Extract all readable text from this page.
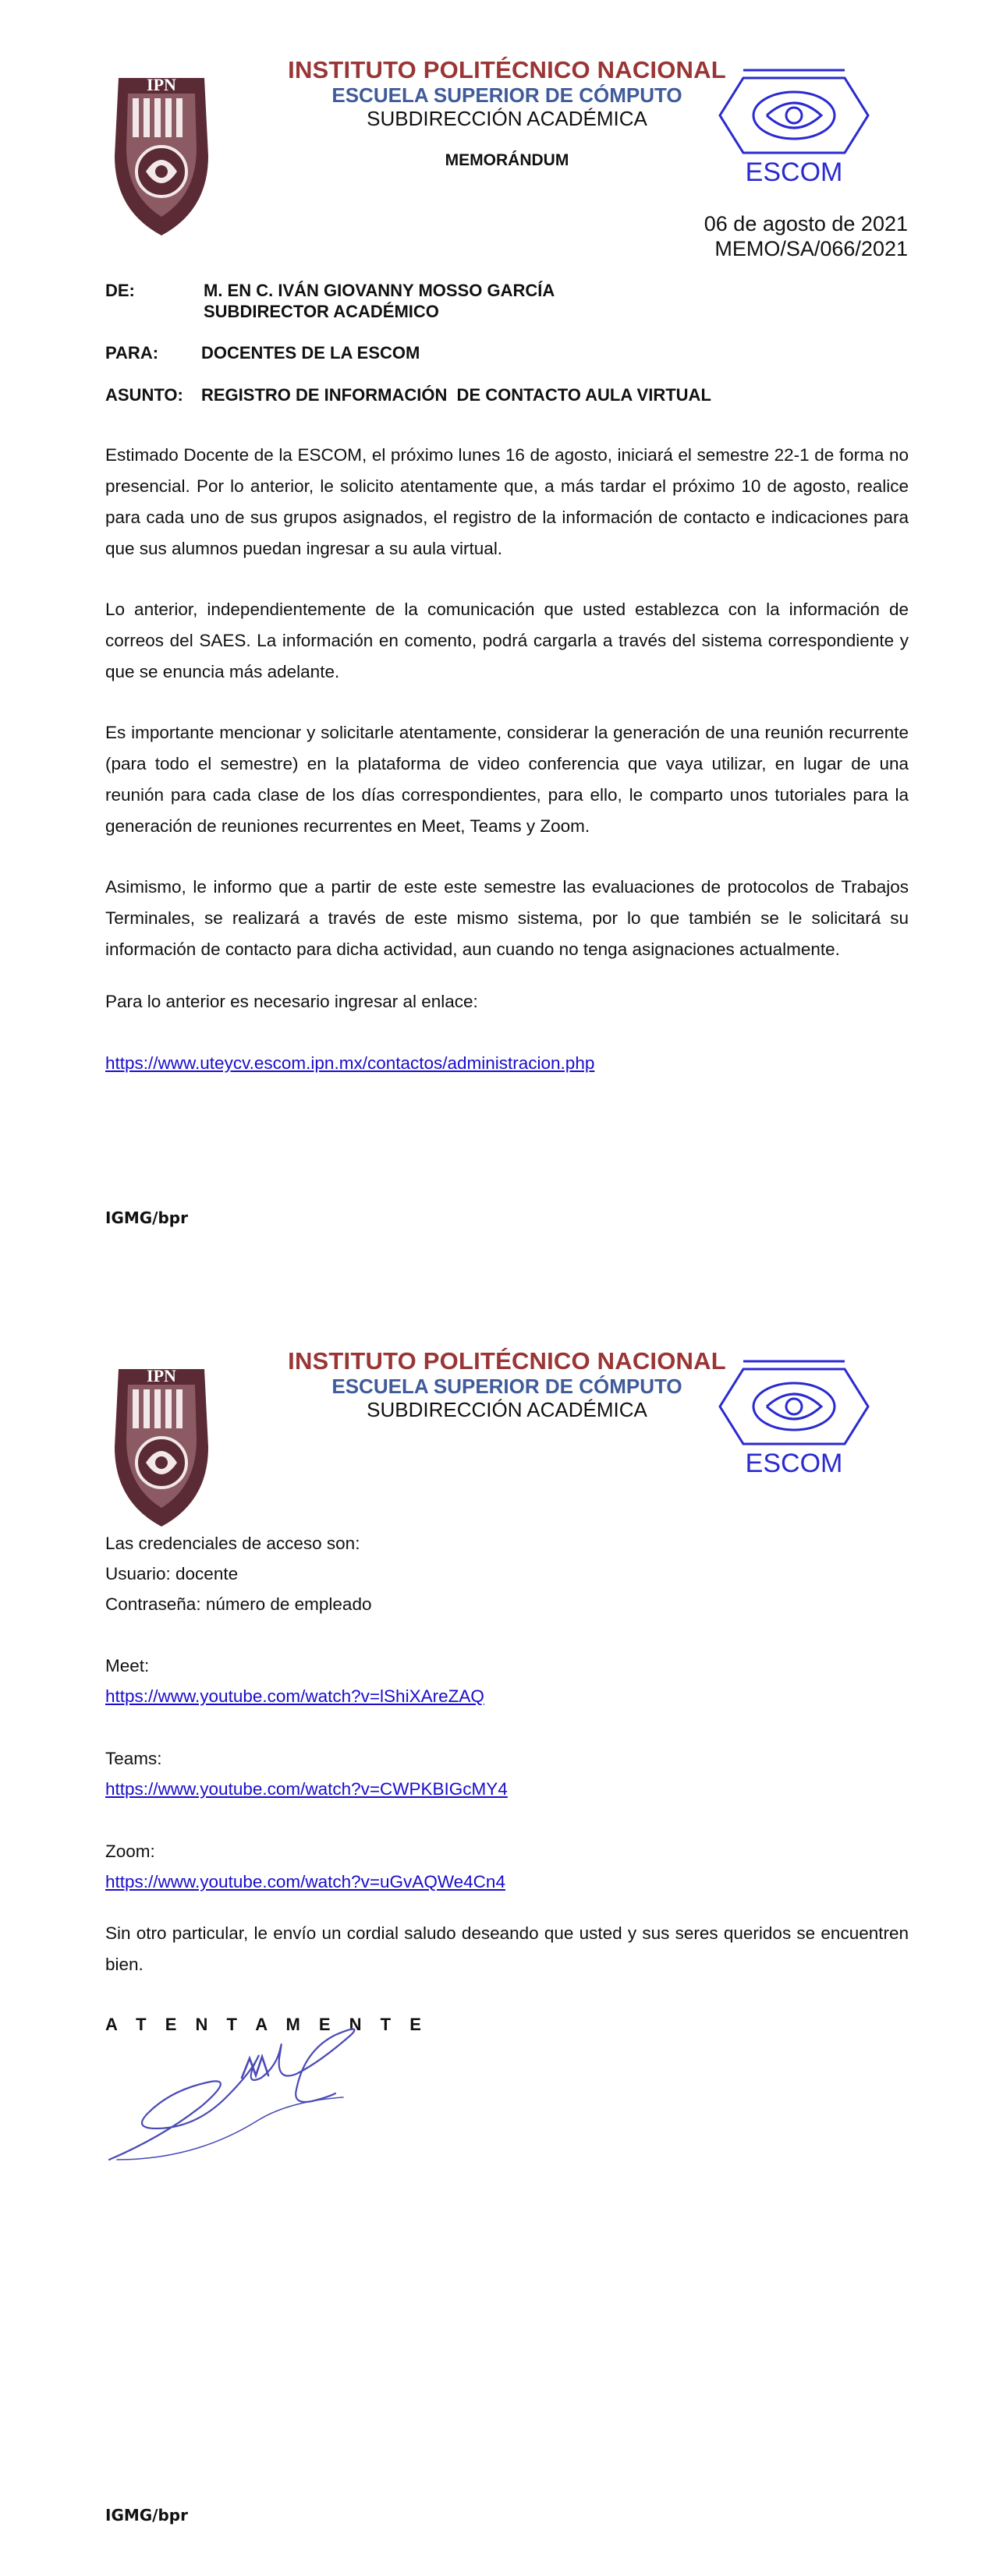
IPN
INSTITUTO POLITÉCNICO NACIONAL
ESCUELA SUPERIOR DE CÓMPUTO
SUBDIRECCIÓN ACADÉMICA
MEMORÁNDUM	ESCOM
06 de agosto de 2021
MEMO/SA/066/2021
DE:	M. EN C. IVÁN GIOVANNY MOSSO GARCÍA
SUBDIRECTOR ACADÉMICO
PARA: DOCENTES DE LA ESCOM
ASUNTO: REGISTRO DE INFORMACIÓN  DE CONTACTO AULA VIRTUAL
Estimado Docente de la ESCOM, el próximo lunes 16 de agosto, iniciará el semestre 22-1 de forma no presencial. Por lo anterior, le solicito atentamente que, a más tardar el próximo 10 de agosto, realice para cada uno de sus grupos asignados, el registro de la información de contacto e indicaciones para que sus alumnos puedan ingresar a su aula virtual.
Lo anterior, independientemente de la comunicación que usted establezca con la información de correos del SAES. La información en comento, podrá cargarla a través del sistema correspondiente y que se enuncia más adelante.
Es importante mencionar y solicitarle atentamente, considerar la generación de una reunión recurrente (para todo el semestre) en la plataforma de video conferencia que vaya utilizar, en lugar de una reunión para cada clase de los días correspondientes, para ello, le comparto unos tutoriales para la generación de reuniones recurrentes en Meet, Teams y Zoom.
Asimismo, le informo que a partir de este este semestre las evaluaciones de protocolos de Trabajos Terminales, se realizará a través de este mismo sistema, por lo que también se le solicitará su información de contacto para dicha actividad, aun cuando no tenga asignaciones actualmente.
Para lo anterior es necesario ingresar al enlace:
https://www.uteycv.escom.ipn.mx/contactos/administracion.php
IGMG/bpr
IPN
INSTITUTO POLITÉCNICO NACIONAL
ESCUELA SUPERIOR DE CÓMPUTO
SUBDIRECCIÓN ACADÉMICA
ESCOM
Las credenciales de acceso son:
Usuario: docente
Contraseña: número de empleado
Meet:
https://www.youtube.com/watch?v=lShiXAreZAQ
Teams:
https://www.youtube.com/watch?v=CWPKBIGcMY4
Zoom:
https://www.youtube.com/watch?v=uGvAQWe4Cn4
Sin otro particular, le envío un cordial saludo deseando que usted y sus seres queridos se encuentren bien.
A T E N T A M E N T E
IGMG/bpr
